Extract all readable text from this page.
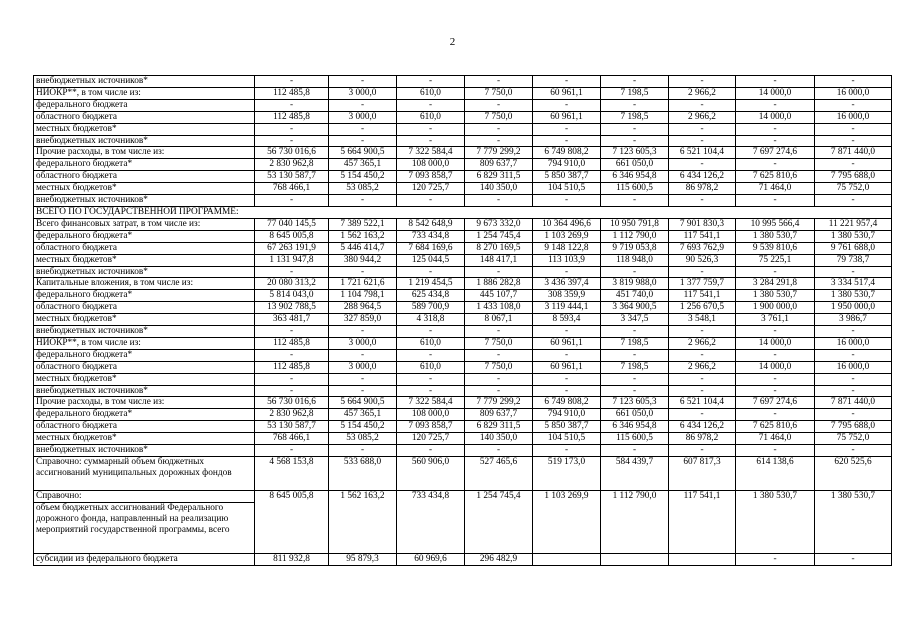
2
внебюджетных источников*	-	-	-	-	-	-	-	-	-
НИОКР**, в том числе из:	112 485,8	3 000,0	610,0	7 750,0	60 961,1	7 198,5	2 966,2	14 000,0	16 000,0
федерального бюджета	-	-	-	-	-	-	-	-	-
областного бюджета	112 485,8	3 000,0	610,0	7 750,0	60 961,1	7 198,5	2 966,2	14 000,0	16 000,0
местных бюджетов*	-	-	-	-	-	-	-	-	-
внебюджетных источников*	-	-	-	-	-	-	-	-	-
Прочие расходы, в том числе из:	56 730 016,6	5 664 900,5	7 322 584,4	7 779 299,2	6 749 808,2	7 123 605,3	6 521 104,4	7 697 274,6	7 871 440,0
федерального бюджета*	2 830 962,8	457 365,1	108 000,0	809 637,7	794 910,0	661 050,0	-	-	-
областного бюджета	53 130 587,7	5 154 450,2	7 093 858,7	6 829 311,5	5 850 387,7	6 346 954,8	6 434 126,2	7 625 810,6	7 795 688,0
местных бюджетов*	768 466,1	53 085,2	120 725,7	140 350,0	104 510,5	115 600,5	86 978,2	71 464,0	75 752,0
внебюджетных источников*	-	-	-	-	-	-	-	-	-
ВСЕГО ПО ГОСУДАРСТВЕННОЙ ПРОГРАММЕ:									
Всего финансовых затрат, в том числе из:	77 040 145,5	7 389 522,1	8 542 648,9	9 673 332,0	10 364 496,6	10 950 791,8	7 901 830,3	10 995 566,4	11 221 957,4
федерального бюджета*	8 645 005,8	1 562 163,2	733 434,8	1 254 745,4	1 103 269,9	1 112 790,0	117 541,1	1 380 530,7	1 380 530,7
областного бюджета	67 263 191,9	5 446 414,7	7 684 169,6	8 270 169,5	9 148 122,8	9 719 053,8	7 693 762,9	9 539 810,6	9 761 688,0
местных бюджетов*	1 131 947,8	380 944,2	125 044,5	148 417,1	113 103,9	118 948,0	90 526,3	75 225,1	79 738,7
внебюджетных источников*	-	-	-	-	-	-	-	-	-
Капитальные вложения, в том числе из:	20 080 313,2	1 721 621,6	1 219 454,5	1 886 282,8	3 436 397,4	3 819 988,0	1 377 759,7	3 284 291,8	3 334 517,4
федерального бюджета*	5 814 043,0	1 104 798,1	625 434,8	445 107,7	308 359,9	451 740,0	117 541,1	1 380 530,7	1 380 530,7
областного бюджета	13 902 788,5	288 964,5	589 700,9	1 433 108,0	3 119 444,1	3 364 900,5	1 256 670,5	1 900 000,0	1 950 000,0
местных бюджетов*	363 481,7	327 859,0	4 318,8	8 067,1	8 593,4	3 347,5	3 548,1	3 761,1	3 986,7
внебюджетных источников*	-	-	-	-	-	-	-	-	-
НИОКР**, в том числе из:	112 485,8	3 000,0	610,0	7 750,0	60 961,1	7 198,5	2 966,2	14 000,0	16 000,0
федерального бюджета*	-	-	-	-	-	-	-	-	-
областного бюджета	112 485,8	3 000,0	610,0	7 750,0	60 961,1	7 198,5	2 966,2	14 000,0	16 000,0
местных бюджетов*	-	-	-	-	-	-	-	-	-
внебюджетных источников*	-	-	-	-	-	-	-	-	-
Прочие расходы, в том числе из:	56 730 016,6	5 664 900,5	7 322 584,4	7 779 299,2	6 749 808,2	7 123 605,3	6 521 104,4	7 697 274,6	7 871 440,0
федерального бюджета*	2 830 962,8	457 365,1	108 000,0	809 637,7	794 910,0	661 050,0	-	-	-
областного бюджета	53 130 587,7	5 154 450,2	7 093 858,7	6 829 311,5	5 850 387,7	6 346 954,8	6 434 126,2	7 625 810,6	7 795 688,0
местных бюджетов*	768 466,1	53 085,2	120 725,7	140 350,0	104 510,5	115 600,5	86 978,2	71 464,0	75 752,0
внебюджетных источников*	-	-	-	-	-	-	-	-	-
Справочно: суммарный объем бюджетных ассигнований муниципальных дорожных фондов	4 568 153,8	533 688,0	560 906,0	527 465,6	519 173,0	584 439,7	607 817,3	614 138,6	620 525,6

Справочно:
объем бюджетных ассигнований Федерального дорожного фонда, направленный на реализацию мероприятий государственной программы, всего	8 645 005,8	1 562 163,2	733 434,8	1 254 745,4	1 103 269,9	1 112 790,0	117 541,1	1 380 530,7	1 380 530,7
субсидии из федерального бюджета	811 932,8	95 879,3	60 969,6	296 482,9				-	-
